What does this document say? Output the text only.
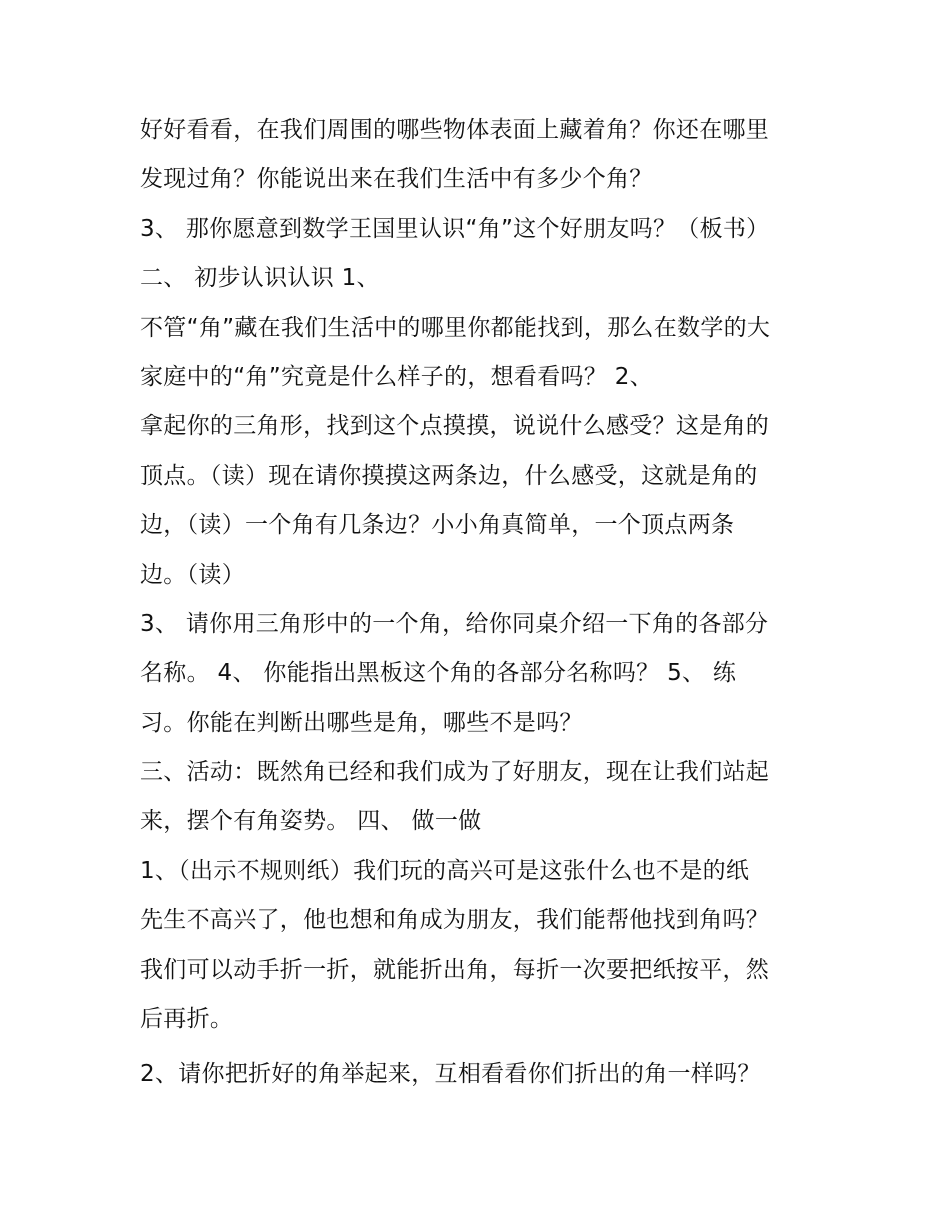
好好看看，在我们周围的哪些物体表面上藏着角？你还在哪里
发现过角？你能说出来在我们生活中有多少个角？
3、 那你愿意到数学王国里认识“角”这个好朋友吗？（板书）
二、 初步认识认识 1、
不管“角”藏在我们生活中的哪里你都能找到，那么在数学的大
家庭中的“角”究竟是什么样子的，想看看吗？ 2、
拿起你的三角形，找到这个点摸摸，说说什么感受？这是角的
顶点。（读）现在请你摸摸这两条边，什么感受，这就是角的
边，（读）一个角有几条边？小小角真简单，一个顶点两条
边。（读）
3、 请你用三角形中的一个角，给你同桌介绍一下角的各部分
名称。 4、 你能指出黑板这个角的各部分名称吗？ 5、 练
习。你能在判断出哪些是角，哪些不是吗？
三、活动：既然角已经和我们成为了好朋友，现在让我们站起
来，摆个有角姿势。 四、 做一做
1、（出示不规则纸）我们玩的高兴可是这张什么也不是的纸
先生不高兴了，他也想和角成为朋友，我们能帮他找到角吗？
我们可以动手折一折，就能折出角，每折一次要把纸按平，然
后再折。
2、请你把折好的角举起来，互相看看你们折出的角一样吗？
